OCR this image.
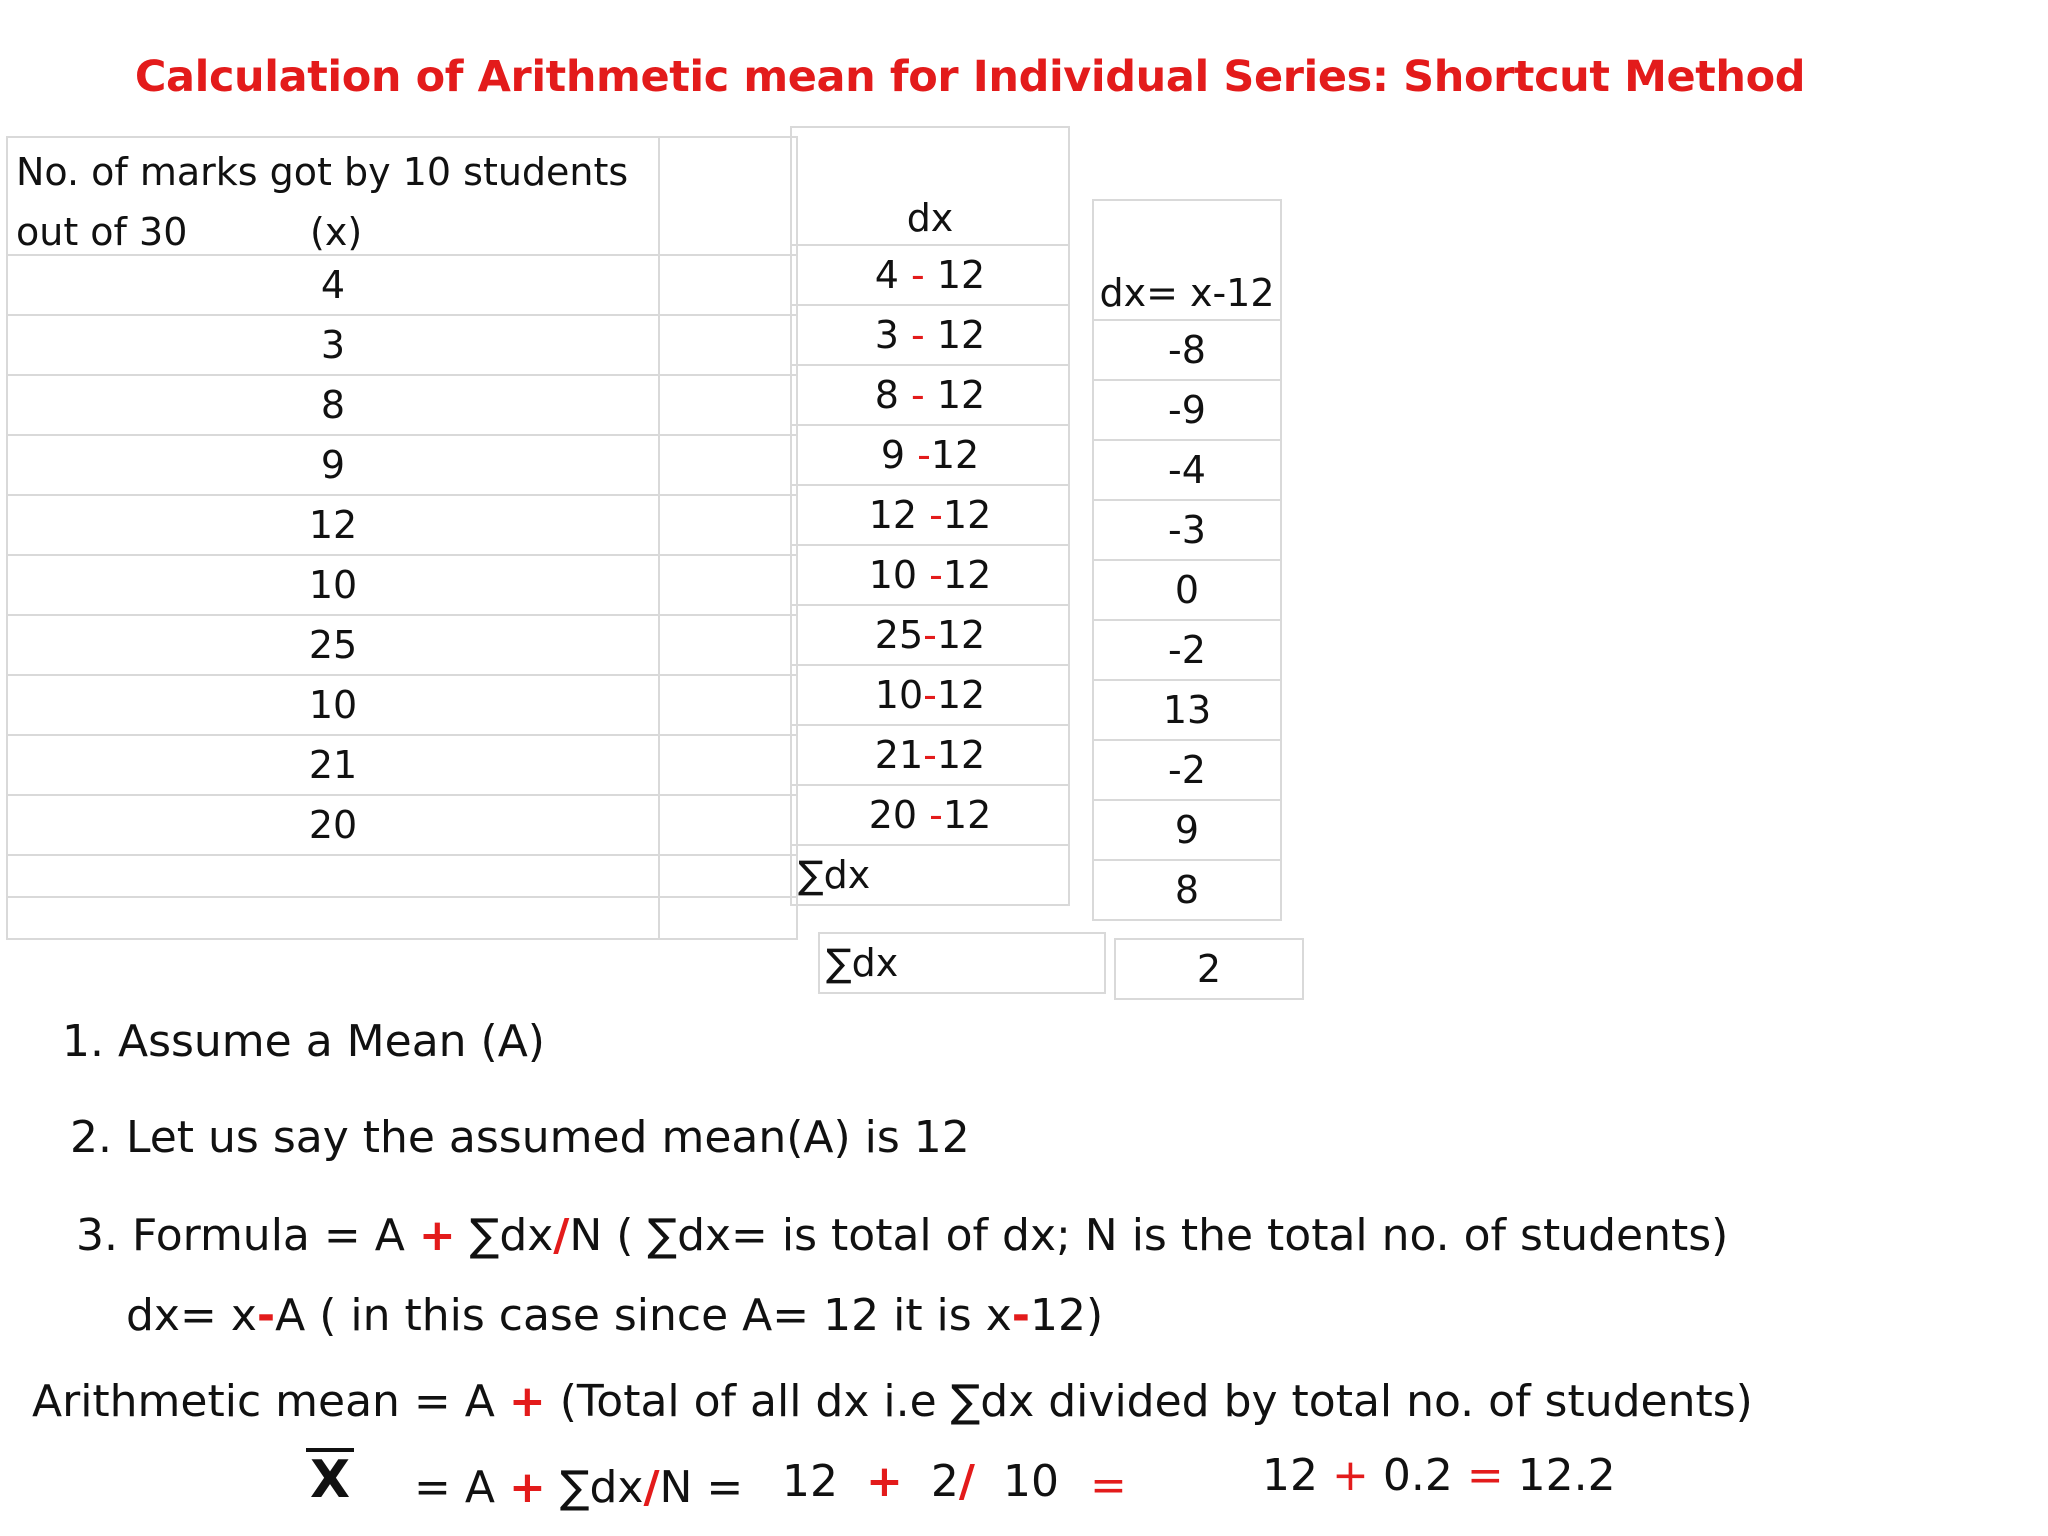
Calculation of Arithmetic mean for Individual Series: Shortcut Method
No. of marks got by 10 students
out of 30 (x)	

4	
3	
8	
9	
12	
10	
25	
10	
21	
20	

dx
4 - 12
3 - 12
8 - 12
9 -12
12 -12
10 -12
25-12
10-12
21-12
20 -12
∑dx
dx= x-12
-8
-9
-4
-3
0
-2
13
-2
9
8
∑dx	2
1. Assume a Mean (A)
2. Let us say the assumed mean(A) is 12
3. Formula = A + ∑dx/N ( ∑dx= is total of dx; N is the total no. of students)
dx= x-A ( in this case since A= 12 it is x-12)
Arithmetic mean = A + (Total of all dx i.e ∑dx divided by total no. of students)
X = A + ∑dx/N = 12 + 2/ 10 =	12 + 0.2 = 12.2
